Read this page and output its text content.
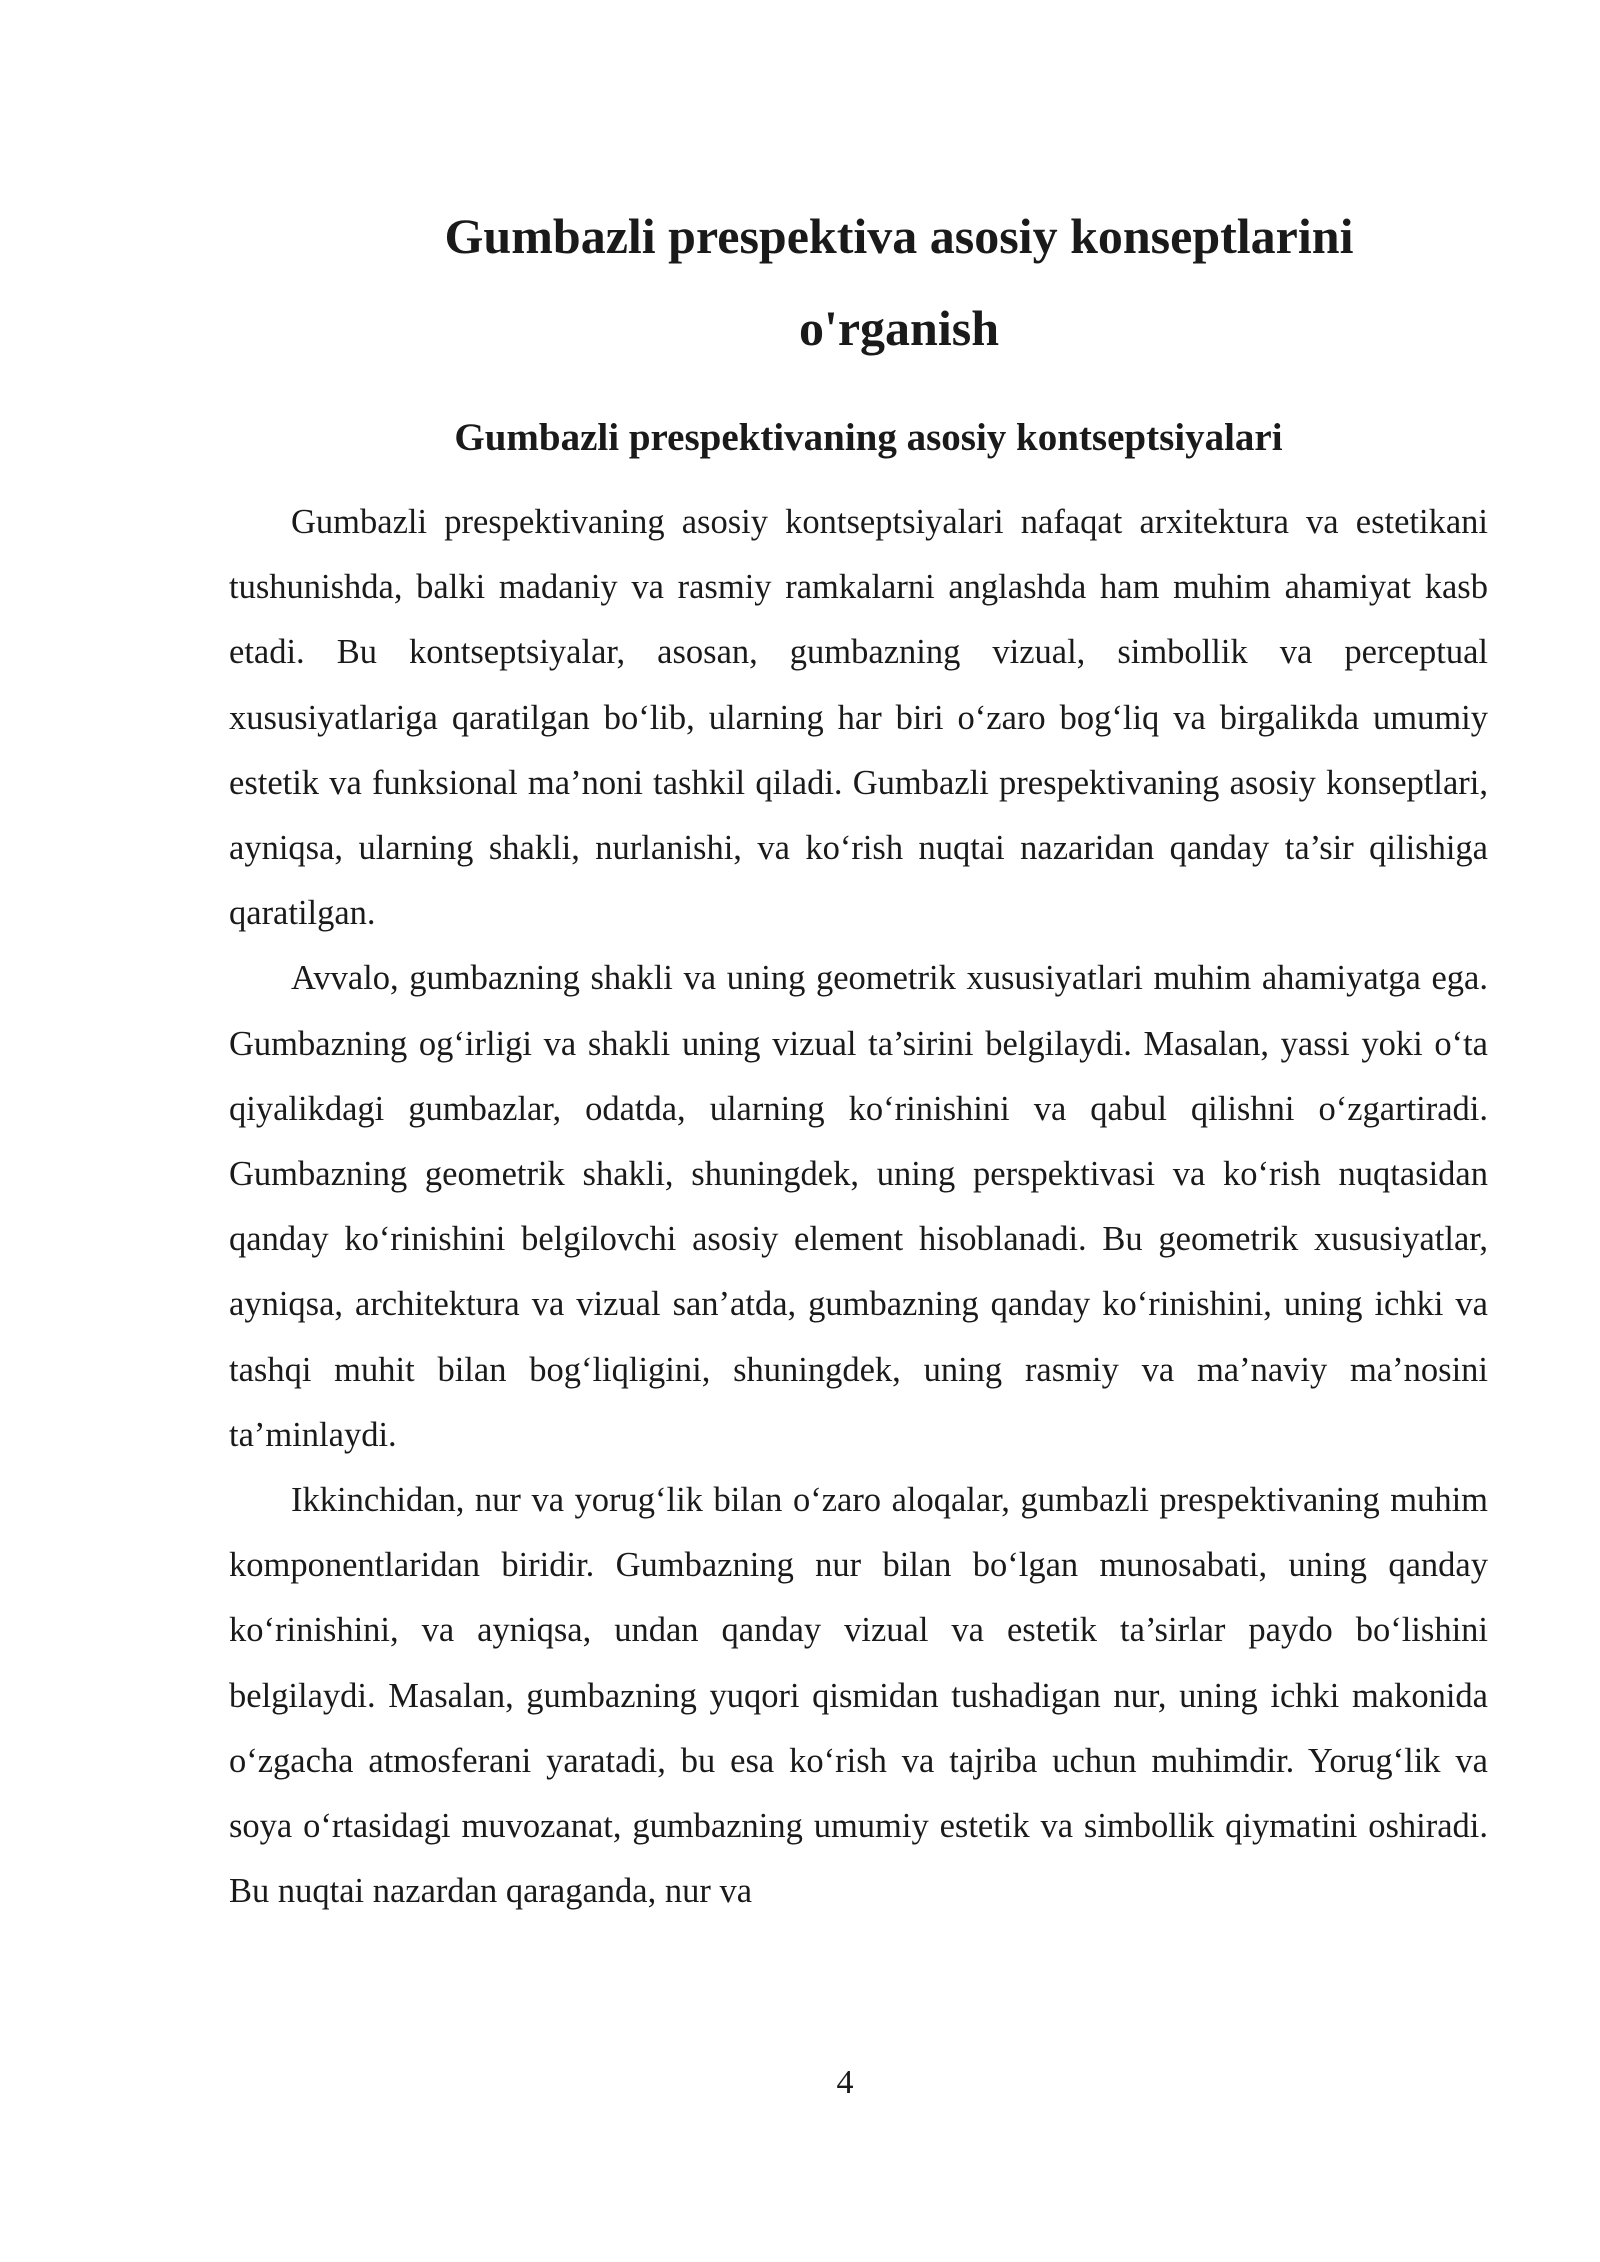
Gumbazli prespektiva asosiy konseptlarini o'rganish
Gumbazli prespektivaning asosiy kontseptsiyalari

Gumbazli prespektivaning asosiy kontseptsiyalari nafaqat arxitektura va estetikani tushunishda, balki madaniy va rasmiy ramkalarni anglashda ham muhim ahamiyat kasb etadi. Bu kontseptsiyalar, asosan, gumbazning vizual, simbollik va perceptual xususiyatlariga qaratilgan bo‘lib, ularning har biri o‘zaro bog‘liq va birgalikda umumiy estetik va funksional ma’noni tashkil qiladi. Gumbazli prespektivaning asosiy konseptlari, ayniqsa, ularning shakli, nurlanishi, va ko‘rish nuqtai nazaridan qanday ta’sir qilishiga qaratilgan.

Avvalo, gumbazning shakli va uning geometrik xususiyatlari muhim ahamiyatga ega. Gumbazning og‘irligi va shakli uning vizual ta’sirini belgilaydi. Masalan, yassi yoki o‘ta qiyalikdagi gumbazlar, odatda, ularning ko‘rinishini va qabul qilishni o‘zgartiradi. Gumbazning geometrik shakli, shuningdek, uning perspektivasi va ko‘rish nuqtasidan qanday ko‘rinishini belgilovchi asosiy element hisoblanadi. Bu geometrik xususiyatlar, ayniqsa, architektura va vizual san’atda, gumbazning qanday ko‘rinishini, uning ichki va tashqi muhit bilan bog‘liqligini, shuningdek, uning rasmiy va ma’naviy ma’nosini ta’minlaydi.

Ikkinchidan, nur va yorug‘lik bilan o‘zaro aloqalar, gumbazli prespektivaning muhim komponentlaridan biridir. Gumbazning nur bilan bo‘lgan munosabati, uning qanday ko‘rinishini, va ayniqsa, undan qanday vizual va estetik ta’sirlar paydo bo‘lishini belgilaydi. Masalan, gumbazning yuqori qismidan tushadigan nur, uning ichki makonida o‘zgacha atmosferani yaratadi, bu esa ko‘rish va tajriba uchun muhimdir. Yorug‘lik va soya o‘rtasidagi muvozanat, gumbazning umumiy estetik va simbollik qiymatini oshiradi. Bu nuqtai nazardan qaraganda, nur va

4
